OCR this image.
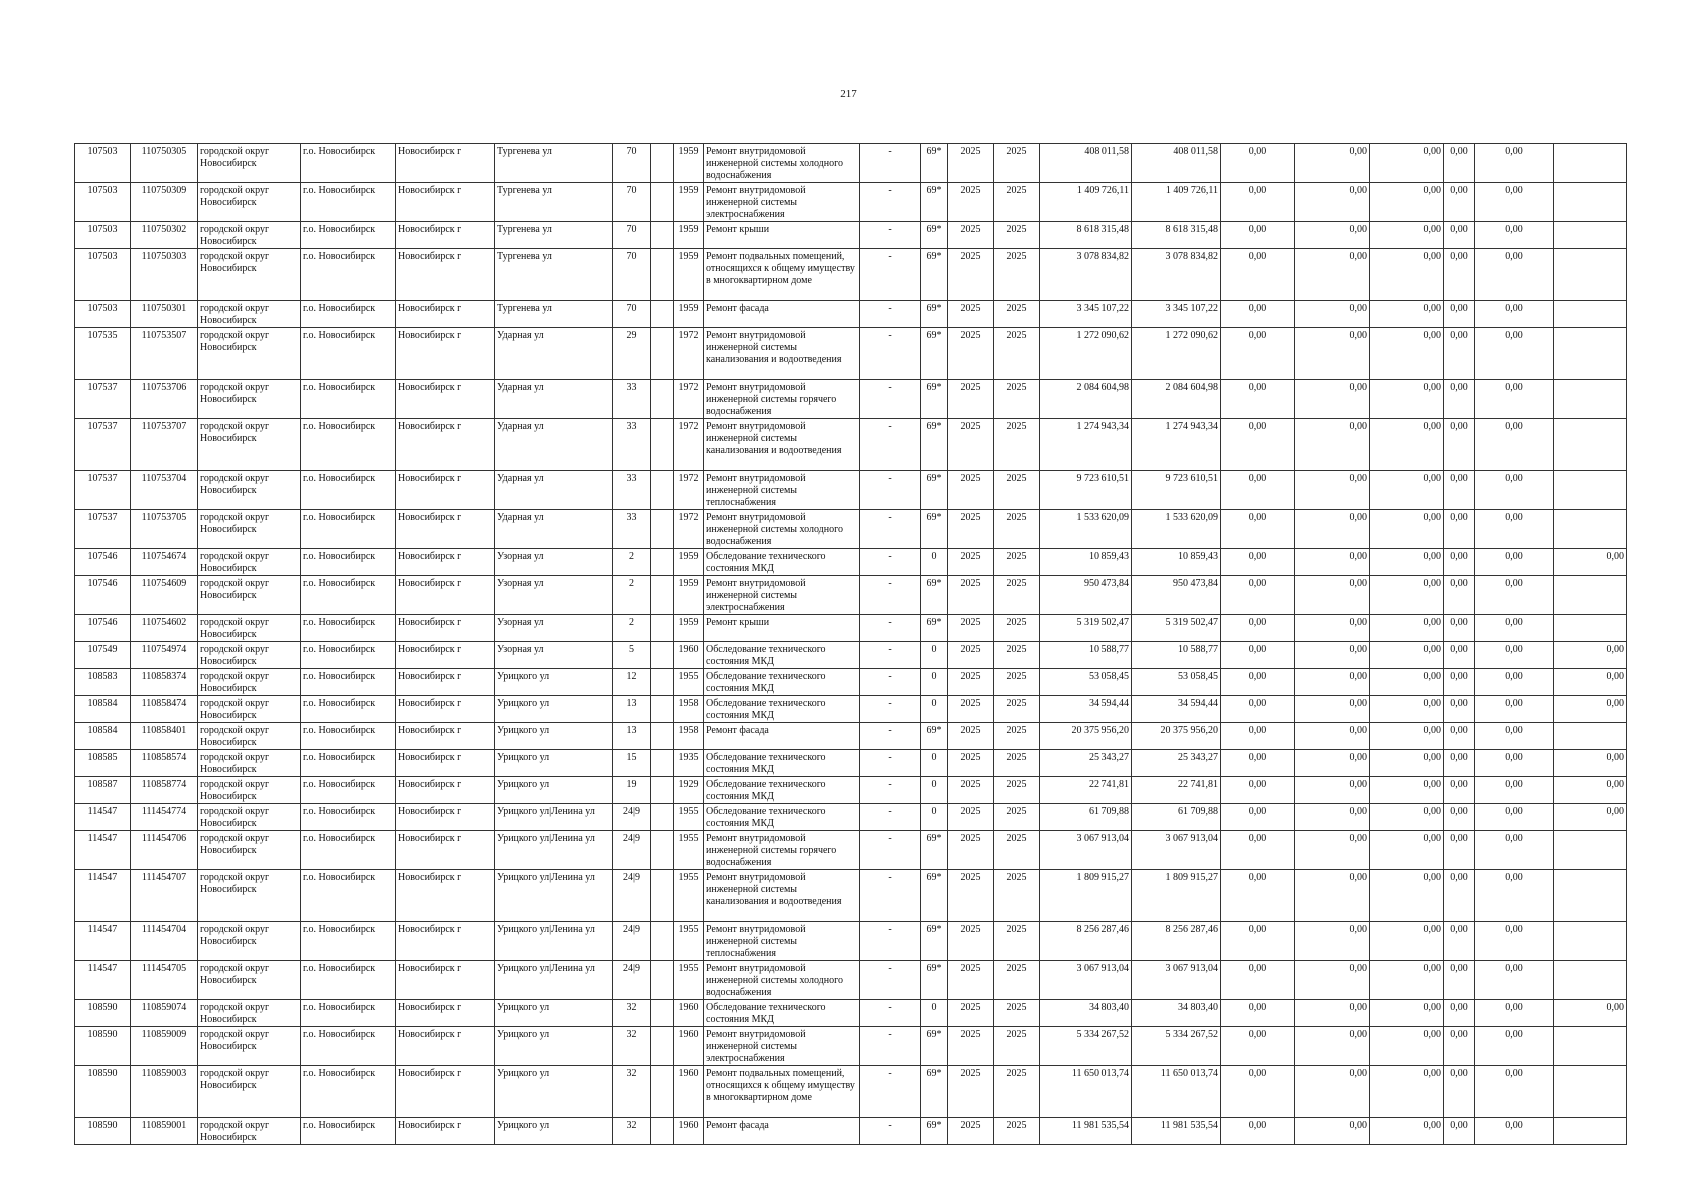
217
107503	110750305	городской округ Новосибирск	г.о. Новосибирск	Новосибирск г	Тургенева ул	70		1959	Ремонт внутридомовой инженерной системы холодного водоснабжения	-	69*	2025	2025	408 011,58	408 011,58	0,00	0,00	0,00	0,00	0,00	
107503	110750309	городской округ Новосибирск	г.о. Новосибирск	Новосибирск г	Тургенева ул	70		1959	Ремонт внутридомовой инженерной системы электроснабжения	-	69*	2025	2025	1 409 726,11	1 409 726,11	0,00	0,00	0,00	0,00	0,00	
107503	110750302	городской округ Новосибирск	г.о. Новосибирск	Новосибирск г	Тургенева ул	70		1959	Ремонт крыши	-	69*	2025	2025	8 618 315,48	8 618 315,48	0,00	0,00	0,00	0,00	0,00	
107503	110750303	городской округ Новосибирск	г.о. Новосибирск	Новосибирск г	Тургенева ул	70		1959	Ремонт подвальных помещений, относящихся к общему имуществу в многоквартирном доме	-	69*	2025	2025	3 078 834,82	3 078 834,82	0,00	0,00	0,00	0,00	0,00	
107503	110750301	городской округ Новосибирск	г.о. Новосибирск	Новосибирск г	Тургенева ул	70		1959	Ремонт фасада	-	69*	2025	2025	3 345 107,22	3 345 107,22	0,00	0,00	0,00	0,00	0,00	
107535	110753507	городской округ Новосибирск	г.о. Новосибирск	Новосибирск г	Ударная ул	29		1972	Ремонт внутридомовой инженерной системы канализования и водоотведения	-	69*	2025	2025	1 272 090,62	1 272 090,62	0,00	0,00	0,00	0,00	0,00	
107537	110753706	городской округ Новосибирск	г.о. Новосибирск	Новосибирск г	Ударная ул	33		1972	Ремонт внутридомовой инженерной системы горячего водоснабжения	-	69*	2025	2025	2 084 604,98	2 084 604,98	0,00	0,00	0,00	0,00	0,00	
107537	110753707	городской округ Новосибирск	г.о. Новосибирск	Новосибирск г	Ударная ул	33		1972	Ремонт внутридомовой инженерной системы канализования и водоотведения	-	69*	2025	2025	1 274 943,34	1 274 943,34	0,00	0,00	0,00	0,00	0,00	
107537	110753704	городской округ Новосибирск	г.о. Новосибирск	Новосибирск г	Ударная ул	33		1972	Ремонт внутридомовой инженерной системы теплоснабжения	-	69*	2025	2025	9 723 610,51	9 723 610,51	0,00	0,00	0,00	0,00	0,00	
107537	110753705	городской округ Новосибирск	г.о. Новосибирск	Новосибирск г	Ударная ул	33		1972	Ремонт внутридомовой инженерной системы холодного водоснабжения	-	69*	2025	2025	1 533 620,09	1 533 620,09	0,00	0,00	0,00	0,00	0,00	
107546	110754674	городской округ Новосибирск	г.о. Новосибирск	Новосибирск г	Узорная ул	2		1959	Обследование технического состояния МКД	-	0	2025	2025	10 859,43	10 859,43	0,00	0,00	0,00	0,00	0,00	0,00
107546	110754609	городской округ Новосибирск	г.о. Новосибирск	Новосибирск г	Узорная ул	2		1959	Ремонт внутридомовой инженерной системы электроснабжения	-	69*	2025	2025	950 473,84	950 473,84	0,00	0,00	0,00	0,00	0,00	
107546	110754602	городской округ Новосибирск	г.о. Новосибирск	Новосибирск г	Узорная ул	2		1959	Ремонт крыши	-	69*	2025	2025	5 319 502,47	5 319 502,47	0,00	0,00	0,00	0,00	0,00	
107549	110754974	городской округ Новосибирск	г.о. Новосибирск	Новосибирск г	Узорная ул	5		1960	Обследование технического состояния МКД	-	0	2025	2025	10 588,77	10 588,77	0,00	0,00	0,00	0,00	0,00	0,00
108583	110858374	городской округ Новосибирск	г.о. Новосибирск	Новосибирск г	Урицкого ул	12		1955	Обследование технического состояния МКД	-	0	2025	2025	53 058,45	53 058,45	0,00	0,00	0,00	0,00	0,00	0,00
108584	110858474	городской округ Новосибирск	г.о. Новосибирск	Новосибирск г	Урицкого ул	13		1958	Обследование технического состояния МКД	-	0	2025	2025	34 594,44	34 594,44	0,00	0,00	0,00	0,00	0,00	0,00
108584	110858401	городской округ Новосибирск	г.о. Новосибирск	Новосибирск г	Урицкого ул	13		1958	Ремонт фасада	-	69*	2025	2025	20 375 956,20	20 375 956,20	0,00	0,00	0,00	0,00	0,00	
108585	110858574	городской округ Новосибирск	г.о. Новосибирск	Новосибирск г	Урицкого ул	15		1935	Обследование технического состояния МКД	-	0	2025	2025	25 343,27	25 343,27	0,00	0,00	0,00	0,00	0,00	0,00
108587	110858774	городской округ Новосибирск	г.о. Новосибирск	Новосибирск г	Урицкого ул	19		1929	Обследование технического состояния МКД	-	0	2025	2025	22 741,81	22 741,81	0,00	0,00	0,00	0,00	0,00	0,00
114547	111454774	городской округ Новосибирск	г.о. Новосибирск	Новосибирск г	Урицкого ул|Ленина ул	24|9		1955	Обследование технического состояния МКД	-	0	2025	2025	61 709,88	61 709,88	0,00	0,00	0,00	0,00	0,00	0,00
114547	111454706	городской округ Новосибирск	г.о. Новосибирск	Новосибирск г	Урицкого ул|Ленина ул	24|9		1955	Ремонт внутридомовой инженерной системы горячего водоснабжения	-	69*	2025	2025	3 067 913,04	3 067 913,04	0,00	0,00	0,00	0,00	0,00	
114547	111454707	городской округ Новосибирск	г.о. Новосибирск	Новосибирск г	Урицкого ул|Ленина ул	24|9		1955	Ремонт внутридомовой инженерной системы канализования и водоотведения	-	69*	2025	2025	1 809 915,27	1 809 915,27	0,00	0,00	0,00	0,00	0,00	
114547	111454704	городской округ Новосибирск	г.о. Новосибирск	Новосибирск г	Урицкого ул|Ленина ул	24|9		1955	Ремонт внутридомовой инженерной системы теплоснабжения	-	69*	2025	2025	8 256 287,46	8 256 287,46	0,00	0,00	0,00	0,00	0,00	
114547	111454705	городской округ Новосибирск	г.о. Новосибирск	Новосибирск г	Урицкого ул|Ленина ул	24|9		1955	Ремонт внутридомовой инженерной системы холодного водоснабжения	-	69*	2025	2025	3 067 913,04	3 067 913,04	0,00	0,00	0,00	0,00	0,00	
108590	110859074	городской округ Новосибирск	г.о. Новосибирск	Новосибирск г	Урицкого ул	32		1960	Обследование технического состояния МКД	-	0	2025	2025	34 803,40	34 803,40	0,00	0,00	0,00	0,00	0,00	0,00
108590	110859009	городской округ Новосибирск	г.о. Новосибирск	Новосибирск г	Урицкого ул	32		1960	Ремонт внутридомовой инженерной системы электроснабжения	-	69*	2025	2025	5 334 267,52	5 334 267,52	0,00	0,00	0,00	0,00	0,00	
108590	110859003	городской округ Новосибирск	г.о. Новосибирск	Новосибирск г	Урицкого ул	32		1960	Ремонт подвальных помещений, относящихся к общему имуществу в многоквартирном доме	-	69*	2025	2025	11 650 013,74	11 650 013,74	0,00	0,00	0,00	0,00	0,00	
108590	110859001	городской округ Новосибирск	г.о. Новосибирск	Новосибирск г	Урицкого ул	32		1960	Ремонт фасада	-	69*	2025	2025	11 981 535,54	11 981 535,54	0,00	0,00	0,00	0,00	0,00	
